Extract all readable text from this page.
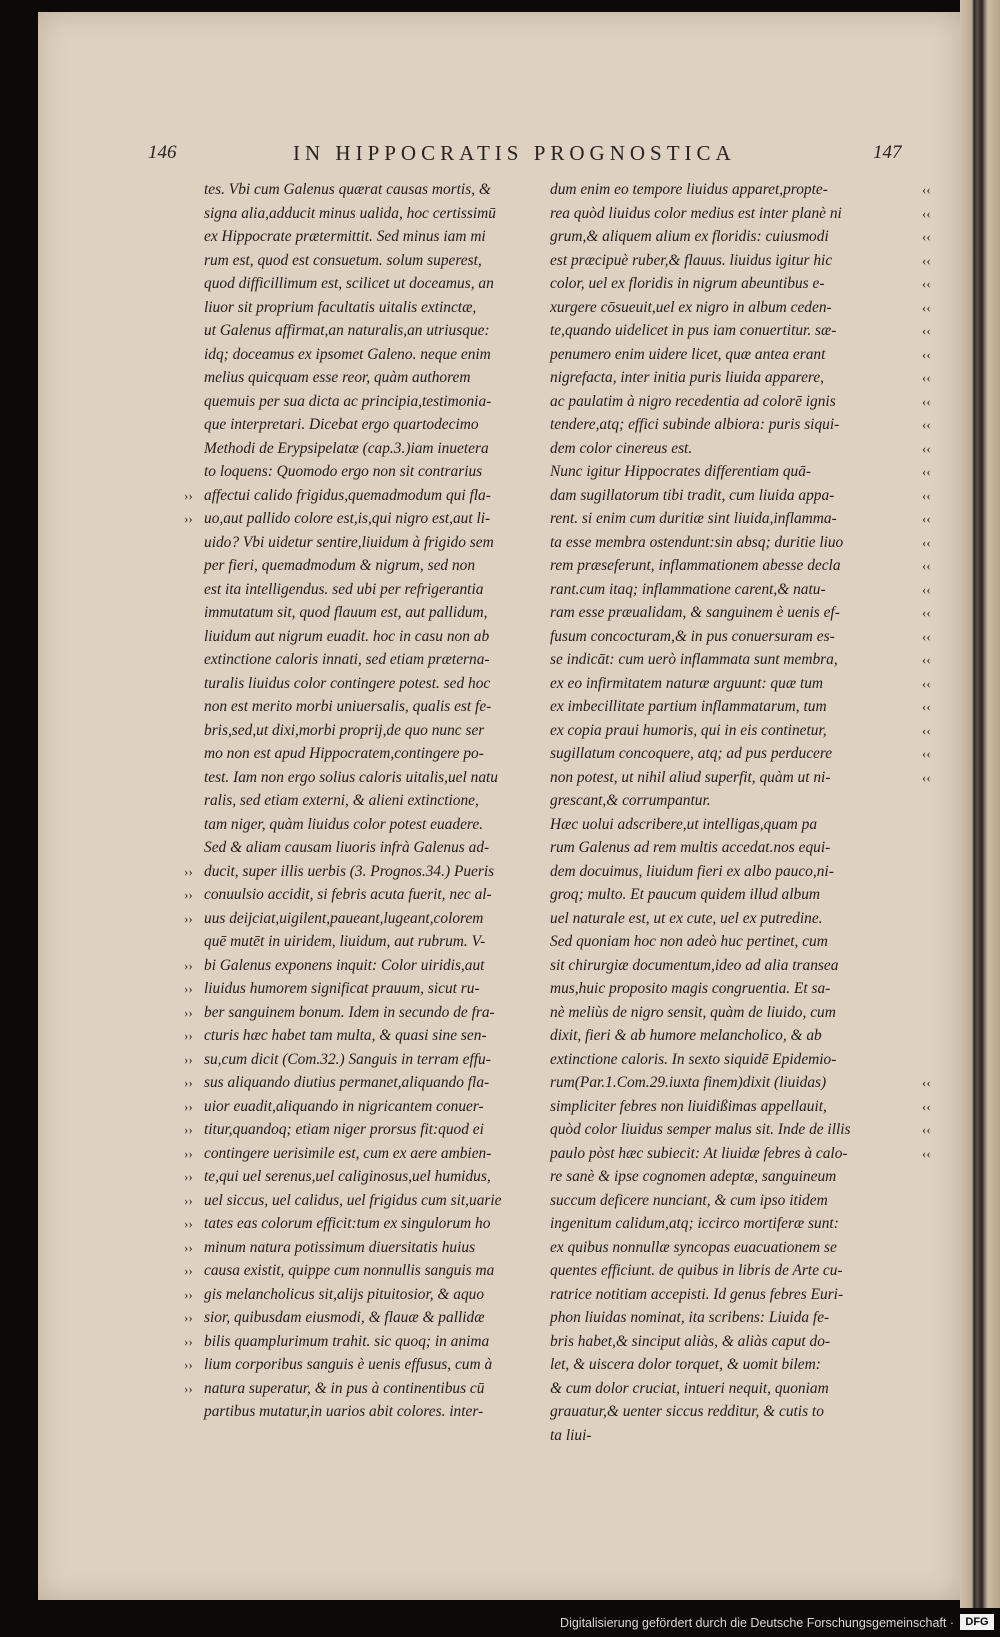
146	IN HIPPOCRATIS PROGNOSTICA	147
tes. Vbi cum Galenus quærat causas mortis, &
signa alia,adducit minus ualida, hoc certissimū
ex Hippocrate prætermittit. Sed minus iam mi
rum est, quod est consuetum. solum superest,
quod difficillimum est, scilicet ut doceamus, an
liuor sit proprium facultatis uitalis extinctæ,
ut Galenus affirmat,an naturalis,an utriusque:
idq; doceamus ex ipsomet Galeno. neque enim
melius quicquam esse reor, quàm authorem
quemuis per sua dicta ac principia,testimonia-
que interpretari. Dicebat ergo quartodecimo
Methodi de Erypsipelatæ (cap.3.)iam inuetera
to loquens: Quomodo ergo non sit contrarius
affectui calido frigidus,quemadmodum qui fla-
uo,aut pallido colore est,is,qui nigro est,aut li-
uido? Vbi uidetur sentire,liuidum à frigido sem
per fieri, quemadmodum & nigrum, sed non
est ita intelligendus. sed ubi per refrigerantia
immutatum sit, quod flauum est, aut pallidum,
liuidum aut nigrum euadit. hoc in casu non ab
extinctione caloris innati, sed etiam præterna-
turalis liuidus color contingere potest. sed hoc
non est merito morbi uniuersalis, qualis est fe-
bris,sed,ut dixi,morbi proprij,de quo nunc ser
mo non est apud Hippocratem,contingere po-
test. Iam non ergo solius caloris uitalis,uel natu
ralis, sed etiam externi, & alieni extinctione,
tam niger, quàm liuidus color potest euadere.
Sed & aliam causam liuoris infrà Galenus ad-
ducit, super illis uerbis (3. Prognos.34.) Pueris
conuulsio accidit, si febris acuta fuerit, nec al-
uus deijciat,uigilent,paueant,lugeant,colorem
quē mutēt in uiridem, liuidum, aut rubrum. V-
bi Galenus exponens inquit: Color uiridis,aut
liuidus humorem significat prauum, sicut ru-
ber sanguinem bonum. Idem in secundo de fra-
cturis hæc habet tam multa, & quasi sine sen-
su,cum dicit (Com.32.) Sanguis in terram effu-
sus aliquando diutius permanet,aliquando fla-
uior euadit,aliquando in nigricantem conuer-
titur,quandoq; etiam niger prorsus fit:quod ei
contingere uerisimile est, cum ex aere ambien-
te,qui uel serenus,uel caliginosus,uel humidus,
uel siccus, uel calidus, uel frigidus cum sit,uarie
tates eas colorum efficit:tum ex singulorum ho
minum natura potissimum diuersitatis huius
causa existit, quippe cum nonnullis sanguis ma
gis melancholicus sit,alijs pituitosior, & aquo
sior, quibusdam eiusmodi, & flauæ & pallidæ
bilis quamplurimum trahit. sic quoq; in anima
lium corporibus sanguis è uenis effusus, cum à
natura superatur, & in pus à continentibus cū
partibus mutatur,in uarios abit colores. inter-
dum enim eo tempore liuidus apparet,propte-
rea quòd liuidus color medius est inter planè ni
grum,& aliquem alium ex floridis: cuiusmodi
est præcipuè ruber,& flauus. liuidus igitur hic
color, uel ex floridis in nigrum abeuntibus e-
xurgere cōsueuit,uel ex nigro in album ceden-
te,quando uidelicet in pus iam conuertitur. sæ-
penumero enim uidere licet, quæ antea erant
nigrefacta, inter initia puris liuida apparere,
ac paulatim à nigro recedentia ad colorē ignis
tendere,atq; effici subinde albiora: puris siqui-
dem color cinereus est.
Nunc igitur Hippocrates differentiam quā-
dam sugillatorum tibi tradit, cum liuida appa-
rent. si enim cum duritiæ sint liuida,inflamma-
ta esse membra ostendunt:sin absq; duritie liuo
rem præseferunt, inflammationem abesse decla
rant.cum itaq; inflammatione carent,& natu-
ram esse præualidam, & sanguinem è uenis ef-
fusum concocturam,& in pus conuersuram es-
se indicāt: cum uerò inflammata sunt membra,
ex eo infirmitatem naturæ arguunt: quæ tum
ex imbecillitate partium inflammatarum, tum
ex copia praui humoris, qui in eis continetur,
sugillatum concoquere, atq; ad pus perducere
non potest, ut nihil aliud superfit, quàm ut ni-
grescant,& corrumpantur.
Hæc uolui adscribere,ut intelligas,quam pa
rum Galenus ad rem multis accedat.nos equi-
dem docuimus, liuidum fieri ex albo pauco,ni-
groq; multo. Et paucum quidem illud album
uel naturale est, ut ex cute, uel ex putredine.
Sed quoniam hoc non adeò huc pertinet, cum
sit chirurgiæ documentum,ideo ad alia transea
mus,huic proposito magis congruentia. Et sa-
nè meliùs de nigro sensit, quàm de liuido, cum
dixit, fieri & ab humore melancholico, & ab
extinctione caloris. In sexto siquidē Epidemio-
rum(Par.1.Com.29.iuxta finem)dixit (liuidas)
simpliciter febres non liuidißimas appellauit,
quòd color liuidus semper malus sit. Inde de illis
paulo pòst hæc subiecit: At liuidæ febres à calo-
re sanè & ipse cognomen adeptæ, sanguineum
succum deficere nunciant, & cum ipso itidem
ingenitum calidum,atq; iccirco mortiferæ sunt:
ex quibus nonnullæ syncopas euacuationem se
quentes efficiunt. de quibus in libris de Arte cu-
ratrice notitiam accepisti. Id genus febres Euri-
phon liuidas nominat, ita scribens: Liuida fe-
bris habet,& sinciput aliàs, & aliàs caput do-
let, & uiscera dolor torquet, & uomit bilem:
& cum dolor cruciat, intueri nequit, quoniam
grauatur,& uenter siccus redditur, & cutis to
ta liui-
››
››
››
››
››
››
››
››
››
››
››
››
››
››
››
››
››
››
››
››
››
››
››
››
‹‹
‹‹
‹‹
‹‹
‹‹
‹‹
‹‹
‹‹
‹‹
‹‹
‹‹
‹‹
‹‹
‹‹
‹‹
‹‹
‹‹
‹‹
‹‹
‹‹
‹‹
‹‹
‹‹
‹‹
‹‹
‹‹
‹‹
‹‹
‹‹
‹‹
Digitalisierung gefördert durch die Deutsche Forschungsgemeinschaft ·	DFG
